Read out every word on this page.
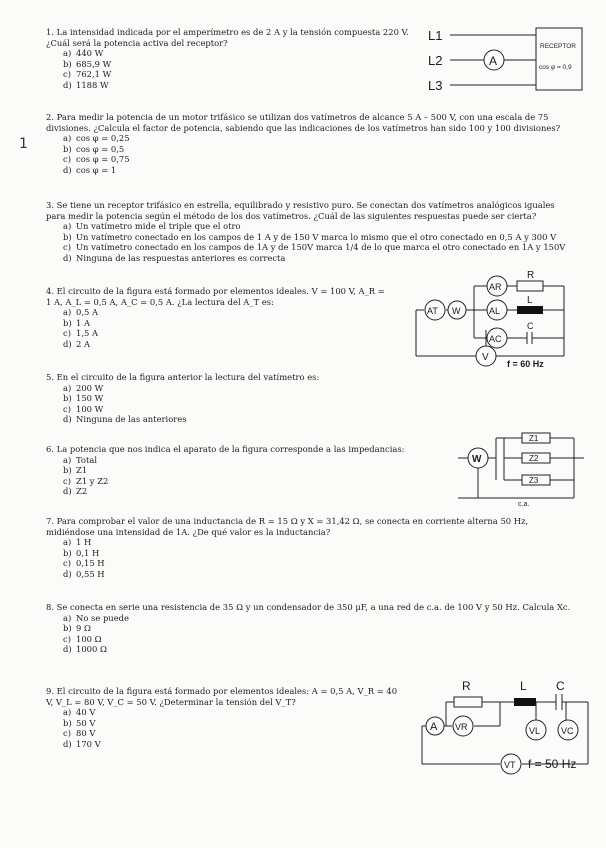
1

1. La intensidad indicada por el amperímetro es de 2 A y la tensión compuesta 220 V. ¿Cuál será la potencia activa del receptor?

a) 440 W
b) 685,9 W
c) 762,1 W
d) 1188 W
L1
L2
L3
A
RECEPTOR
cos φ = 0,9

2. Para medir la potencia de un motor trifásico se utilizan dos vatímetros de alcance 5 A – 500 V, con una escala de 75 divisiones. ¿Calcula el factor de potencia, sabiendo que las indicaciones de los vatímetros han sido 100 y 100 divisiones?

a) cos φ = 0,25
b) cos φ = 0,5
c) cos φ = 0,75
d) cos φ = 1

3. Se tiene un receptor trifásico en estrella, equilibrado y resistivo puro. Se conectan dos vatímetros analógicos iguales para medir la potencia según el método de los dos vatímetros. ¿Cuál de las siguientes respuestas puede ser cierta?

a) Un vatímetro mide el triple que el otro
b) Un vatímetro conectado en los campos de 1 A y de 150 V marca lo mismo que el otro conectado en 0,5 A y 300 V
c) Un vatímetro conectado en los campos de 1A y de 150V marca 1/4 de lo que marca el otro conectado en 1A y 150V
d) Ninguna de las respuestas anteriores es correcta

4. El circuito de la figura está formado por elementos ideales. V = 100 V, A_R = 1 A, A_L = 0,5 A, A_C = 0,5 A. ¿La lectura del A_T es:

a) 0,5 A
b) 1 A
c) 1,5 A
d) 2 A
AT W
AR
AL
AC
V
R
L
C
f = 60 Hz

5. En el circuito de la figura anterior la lectura del vatímetro es:

a) 200 W
b) 150 W
c) 100 W
d) Ninguna de las anteriores

6. La potencia que nos indica el aparato de la figura corresponde a las impedancias:

a) Total
b) Z1
c) Z1 y Z2
d) Z2
W
Z1
Z2
Z3
c.a.

7. Para comprobar el valor de una inductancia de R = 15 Ω y X = 31,42 Ω, se conecta en corriente alterna 50 Hz, midiéndose una intensidad de 1A. ¿De qué valor es la inductancia?

a) 1 H
b) 0,1 H
c) 0,15 H
d) 0,55 H

8. Se conecta en serie una resistencia de 35 Ω y un condensador de 350 μF, a una red de c.a. de 100 V y 50 Hz. Calcula Xc.

a) No se puede
b) 9 Ω
c) 100 Ω
d) 1000 Ω

9. El circuito de la figura está formado por elementos ideales: A = 0,5 A, V_R = 40 V, V_L = 80 V, V_C = 50 V. ¿Determinar la tensión del V_T?

a) 40 V
b) 50 V
c) 80 V
d) 170 V
R	L C
A VR	VL VC
VT f = 50 Hz
